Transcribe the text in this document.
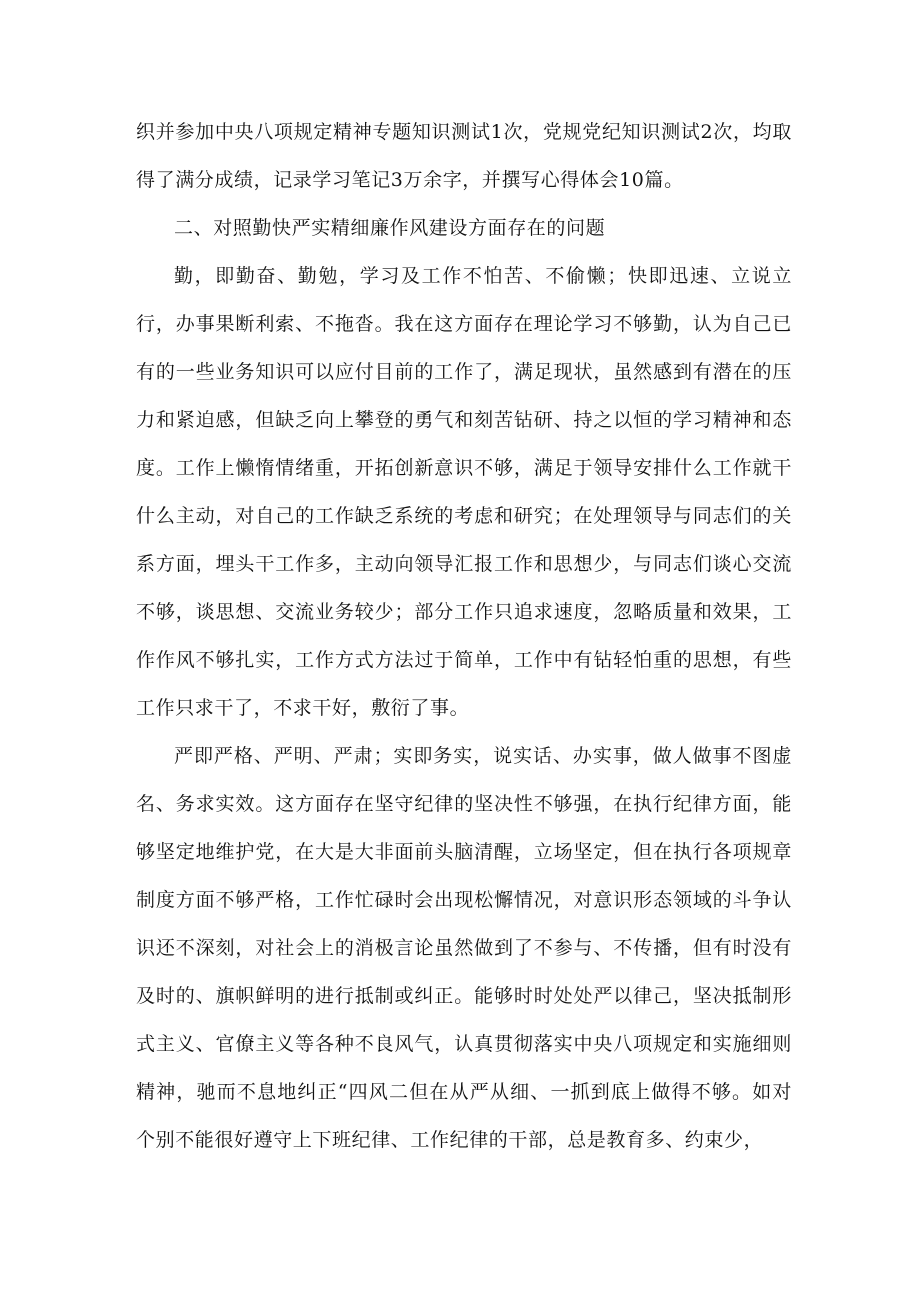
织并参加中央八项规定精神专题知识测试1次，党规党纪知识测试2次，均取得了满分成绩，记录学习笔记3万余字，并撰写心得体会10篇。

二、对照勤快严实精细廉作风建设方面存在的问题

勤，即勤奋、勤勉，学习及工作不怕苦、不偷懒；快即迅速、立说立行，办事果断利索、不拖沓。我在这方面存在理论学习不够勤，认为自己已有的一些业务知识可以应付目前的工作了，满足现状，虽然感到有潜在的压力和紧迫感，但缺乏向上攀登的勇气和刻苦钻研、持之以恒的学习精神和态度。工作上懒惰情绪重，开拓创新意识不够，满足于领导安排什么工作就干什么主动，对自己的工作缺乏系统的考虑和研究；在处理领导与同志们的关系方面，埋头干工作多，主动向领导汇报工作和思想少，与同志们谈心交流不够，谈思想、交流业务较少；部分工作只追求速度，忽略质量和效果，工作作风不够扎实，工作方式方法过于简单，工作中有钻轻怕重的思想，有些工作只求干了，不求干好，敷衍了事。

严即严格、严明、严肃；实即务实，说实话、办实事，做人做事不图虚名、务求实效。这方面存在坚守纪律的坚决性不够强，在执行纪律方面，能够坚定地维护党，在大是大非面前头脑清醒，立场坚定，但在执行各项规章制度方面不够严格，工作忙碌时会出现松懈情况，对意识形态领域的斗争认识还不深刻，对社会上的消极言论虽然做到了不参与、不传播，但有时没有及时的、旗帜鲜明的进行抵制或纠正。能够时时处处严以律己，坚决抵制形式主义、官僚主义等各种不良风气，认真贯彻落实中央八项规定和实施细则精神，驰而不息地纠正“四风二但在从严从细、一抓到底上做得不够。如对个别不能很好遵守上下班纪律、工作纪律的干部，总是教育多、约束少，
